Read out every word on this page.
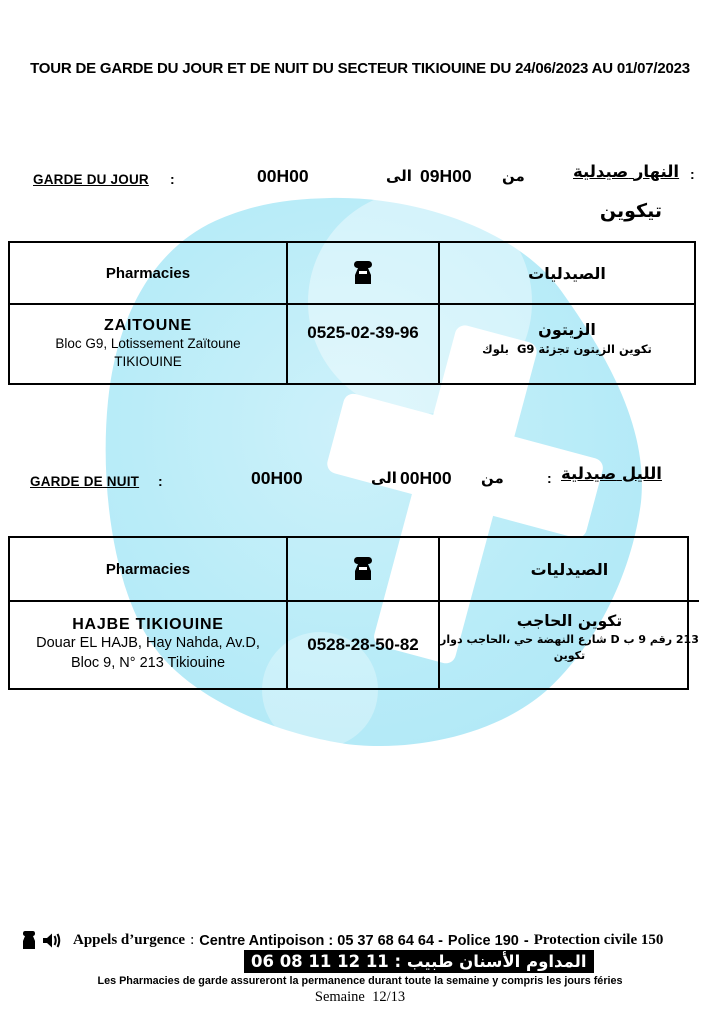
TOUR DE GARDE DU JOUR ET DE NUIT DU SECTEUR TIKIOUINE DU 24/06/2023 AU 01/07/2023
GARDE DU JOUR :	00H00	الى 09H00 من	صيدلية‎ النهار :
تيكوين
Pharmacies	الصيدليات
ZAITOUNE
Bloc G9, Lotissement Zaïtoune
TIKIOUINE
0525-02-39-96	الزيتون
بلوك‎  G9 تجزئة‎ الزيتون‎ تكوين
GARDE DE NUIT :	00H00	الى 00H00 من	: صيدلية‎ الليل
Pharmacies	الصيدليات
HAJBE TIKIOUINE
Douar EL HAJB, Hay Nahda, Av.D,
Bloc 9, N° 213 Tikiouine
0528-28-50-82
الحاجب‎ تكوين
دوار‎ الحاجب،‎ حي‎ النهضة‎ شارع‎ D ب‎ 9 رقم‎ 213
تكوين
Appels d’urgence : Centre Antipoison : 05 37 68 64 64 - Police 190 - Protection civile 150
06 08 11 12 11 : طبيب‎ الأسنان‎ المداوم
Les Pharmacies de garde assureront la permanence durant toute la semaine y compris les jours féries
Semaine  12/13
